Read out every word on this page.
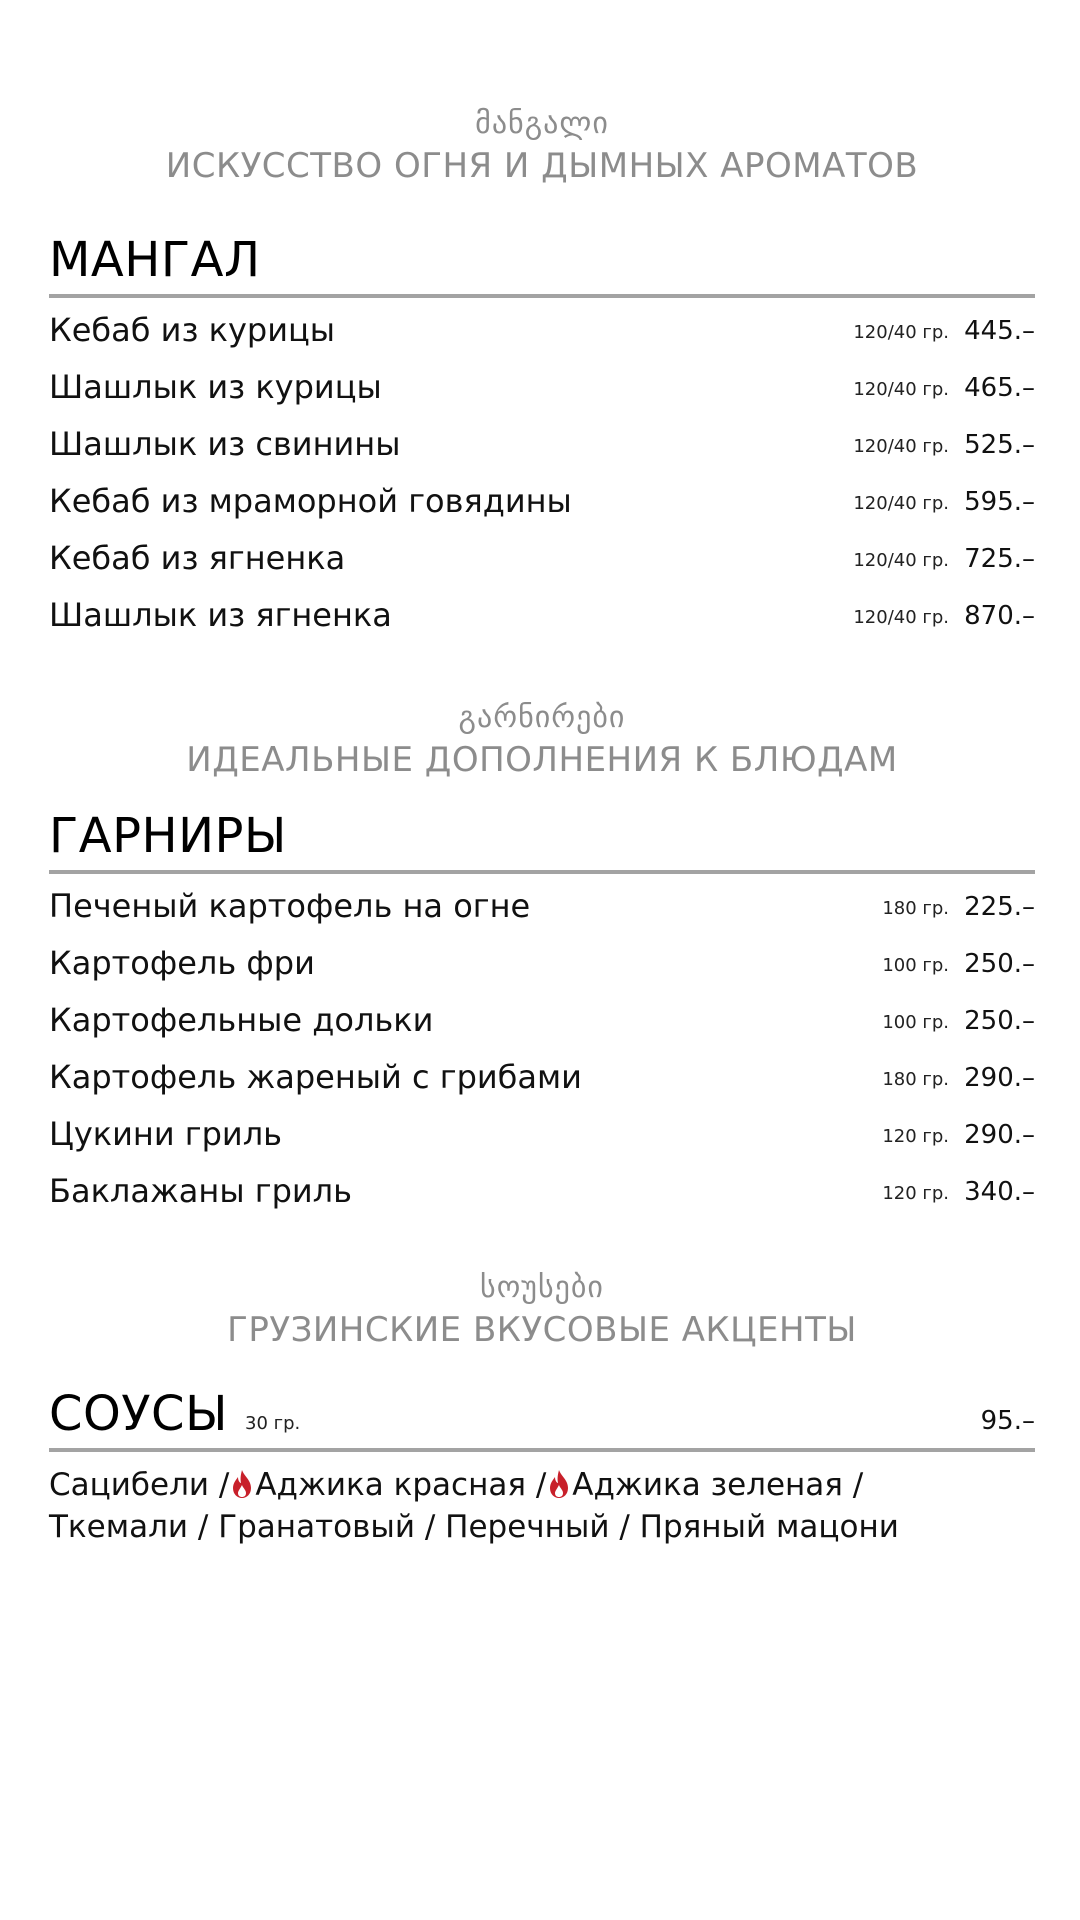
მანგალი
ИСКУССТВО ОГНЯ И ДЫМНЫХ АРОМАТОВ
МАНГАЛ
Кебаб из курицы	120/40 гр. 445.–
Шашлык из курицы	120/40 гр. 465.–
Шашлык из свинины	120/40 гр. 525.–
Кебаб из мраморной говядины	120/40 гр. 595.–
Кебаб из ягненка	120/40 гр. 725.–
Шашлык из ягненка	120/40 гр. 870.–
გარნირები
ИДЕАЛЬНЫЕ ДОПОЛНЕНИЯ К БЛЮДАМ
ГАРНИРЫ
Печеный картофель на огне	180 гр. 225.–
Картофель фри	100 гр. 250.–
Картофельные дольки	100 гр. 250.–
Картофель жареный с грибами	180 гр. 290.–
Цукини гриль	120 гр. 290.–
Баклажаны гриль	120 гр. 340.–
სოუსები
ГРУЗИНСКИЕ ВКУСОВЫЕ АКЦЕНТЫ
СОУСЫ 30 гр.	95.–
Сацибели / Аджика красная / Аджика зеленая /
Ткемали / Гранатовый / Перечный / Пряный мацони
